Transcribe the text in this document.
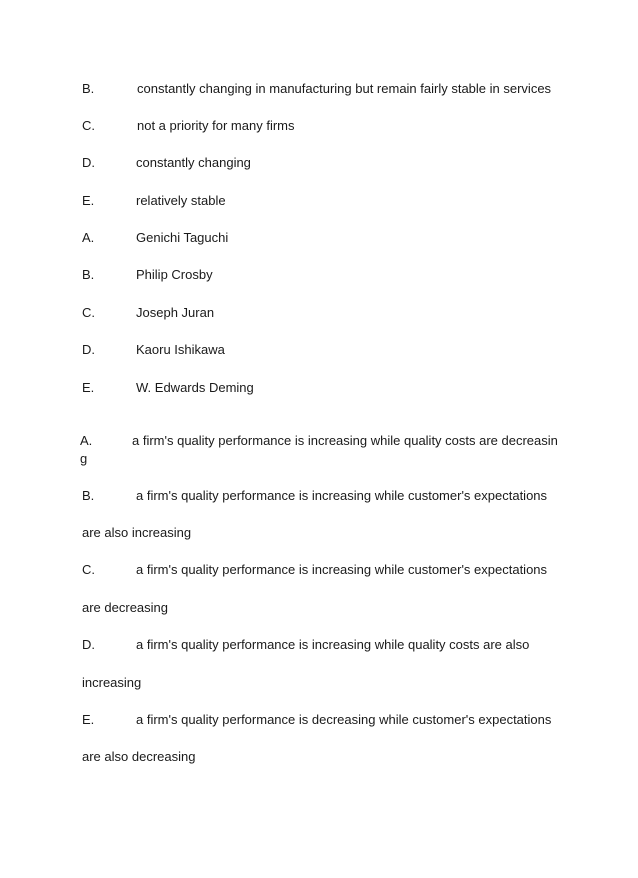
B.	constantly changing in manufacturing but remain fairly stable in services
C.	not a priority for many firms
D.	constantly changing
E.	relatively stable
A.	Genichi Taguchi
B.	Philip Crosby
C.	Joseph Juran
D.	Kaoru Ishikawa
E.	W. Edwards Deming
A.	a firm's quality performance is increasing while quality costs are decreasin
g
B.	a firm's quality performance is increasing while customer's expectations
are also increasing
C.	a firm's quality performance is increasing while customer's expectations
are decreasing
D.	a firm's quality performance is increasing while quality costs are also
increasing
E.	a firm's quality performance is decreasing while customer's expectations
are also decreasing
